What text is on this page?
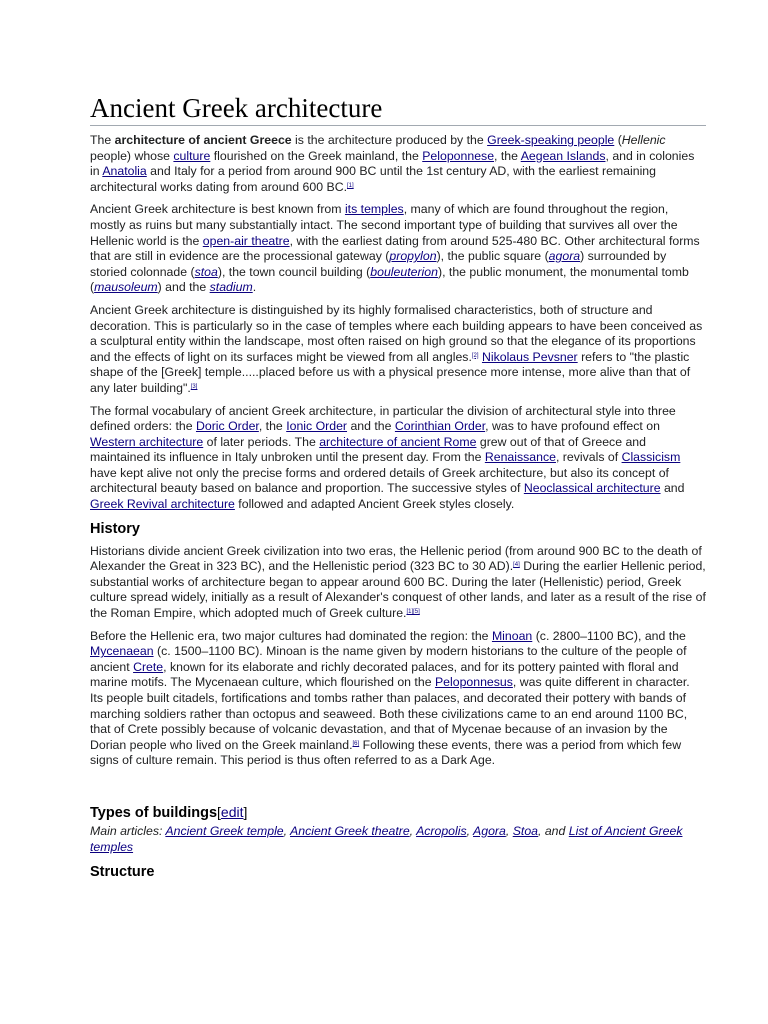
Ancient Greek architecture

The architecture of ancient Greece is the architecture produced by the Greek-speaking people (Hellenic people) whose culture flourished on the Greek mainland, the Peloponnese, the Aegean Islands, and in colonies in Anatolia and Italy for a period from around 900 BC until the 1st century AD, with the earliest remaining architectural works dating from around 600 BC.[1]

Ancient Greek architecture is best known from its temples, many of which are found throughout the region, mostly as ruins but many substantially intact. The second important type of building that survives all over the Hellenic world is the open-air theatre, with the earliest dating from around 525-480 BC. Other architectural forms that are still in evidence are the processional gateway (propylon), the public square (agora) surrounded by storied colonnade (stoa), the town council building (bouleuterion), the public monument, the monumental tomb (mausoleum) and the stadium.

Ancient Greek architecture is distinguished by its highly formalised characteristics, both of structure and decoration. This is particularly so in the case of temples where each building appears to have been conceived as a sculptural entity within the landscape, most often raised on high ground so that the elegance of its proportions and the effects of light on its surfaces might be viewed from all angles.[2] Nikolaus Pevsner refers to "the plastic shape of the [Greek] temple.....placed before us with a physical presence more intense, more alive than that of any later building".[3]

The formal vocabulary of ancient Greek architecture, in particular the division of architectural style into three defined orders: the Doric Order, the Ionic Order and the Corinthian Order, was to have profound effect on Western architecture of later periods. The architecture of ancient Rome grew out of that of Greece and maintained its influence in Italy unbroken until the present day. From the Renaissance, revivals of Classicism have kept alive not only the precise forms and ordered details of Greek architecture, but also its concept of architectural beauty based on balance and proportion. The successive styles of Neoclassical architecture and Greek Revival architecture followed and adapted Ancient Greek styles closely.

History

Historians divide ancient Greek civilization into two eras, the Hellenic period (from around 900 BC to the death of Alexander the Great in 323 BC), and the Hellenistic period (323 BC to 30 AD).[4] During the earlier Hellenic period, substantial works of architecture began to appear around 600 BC. During the later (Hellenistic) period, Greek culture spread widely, initially as a result of Alexander's conquest of other lands, and later as a result of the rise of the Roman Empire, which adopted much of Greek culture.[1][5]

Before the Hellenic era, two major cultures had dominated the region: the Minoan (c. 2800–1100 BC), and the Mycenaean (c. 1500–1100 BC). Minoan is the name given by modern historians to the culture of the people of ancient Crete, known for its elaborate and richly decorated palaces, and for its pottery painted with floral and marine motifs. The Mycenaean culture, which flourished on the Peloponnesus, was quite different in character. Its people built citadels, fortifications and tombs rather than palaces, and decorated their pottery with bands of marching soldiers rather than octopus and seaweed. Both these civilizations came to an end around 1100 BC, that of Crete possibly because of volcanic devastation, and that of Mycenae because of an invasion by the Dorian people who lived on the Greek mainland.[6] Following these events, there was a period from which few signs of culture remain. This period is thus often referred to as a Dark Age.

Types of buildings[edit]
Main articles: Ancient Greek temple, Ancient Greek theatre, Acropolis, Agora, Stoa, and List of Ancient Greek temples
Structure
